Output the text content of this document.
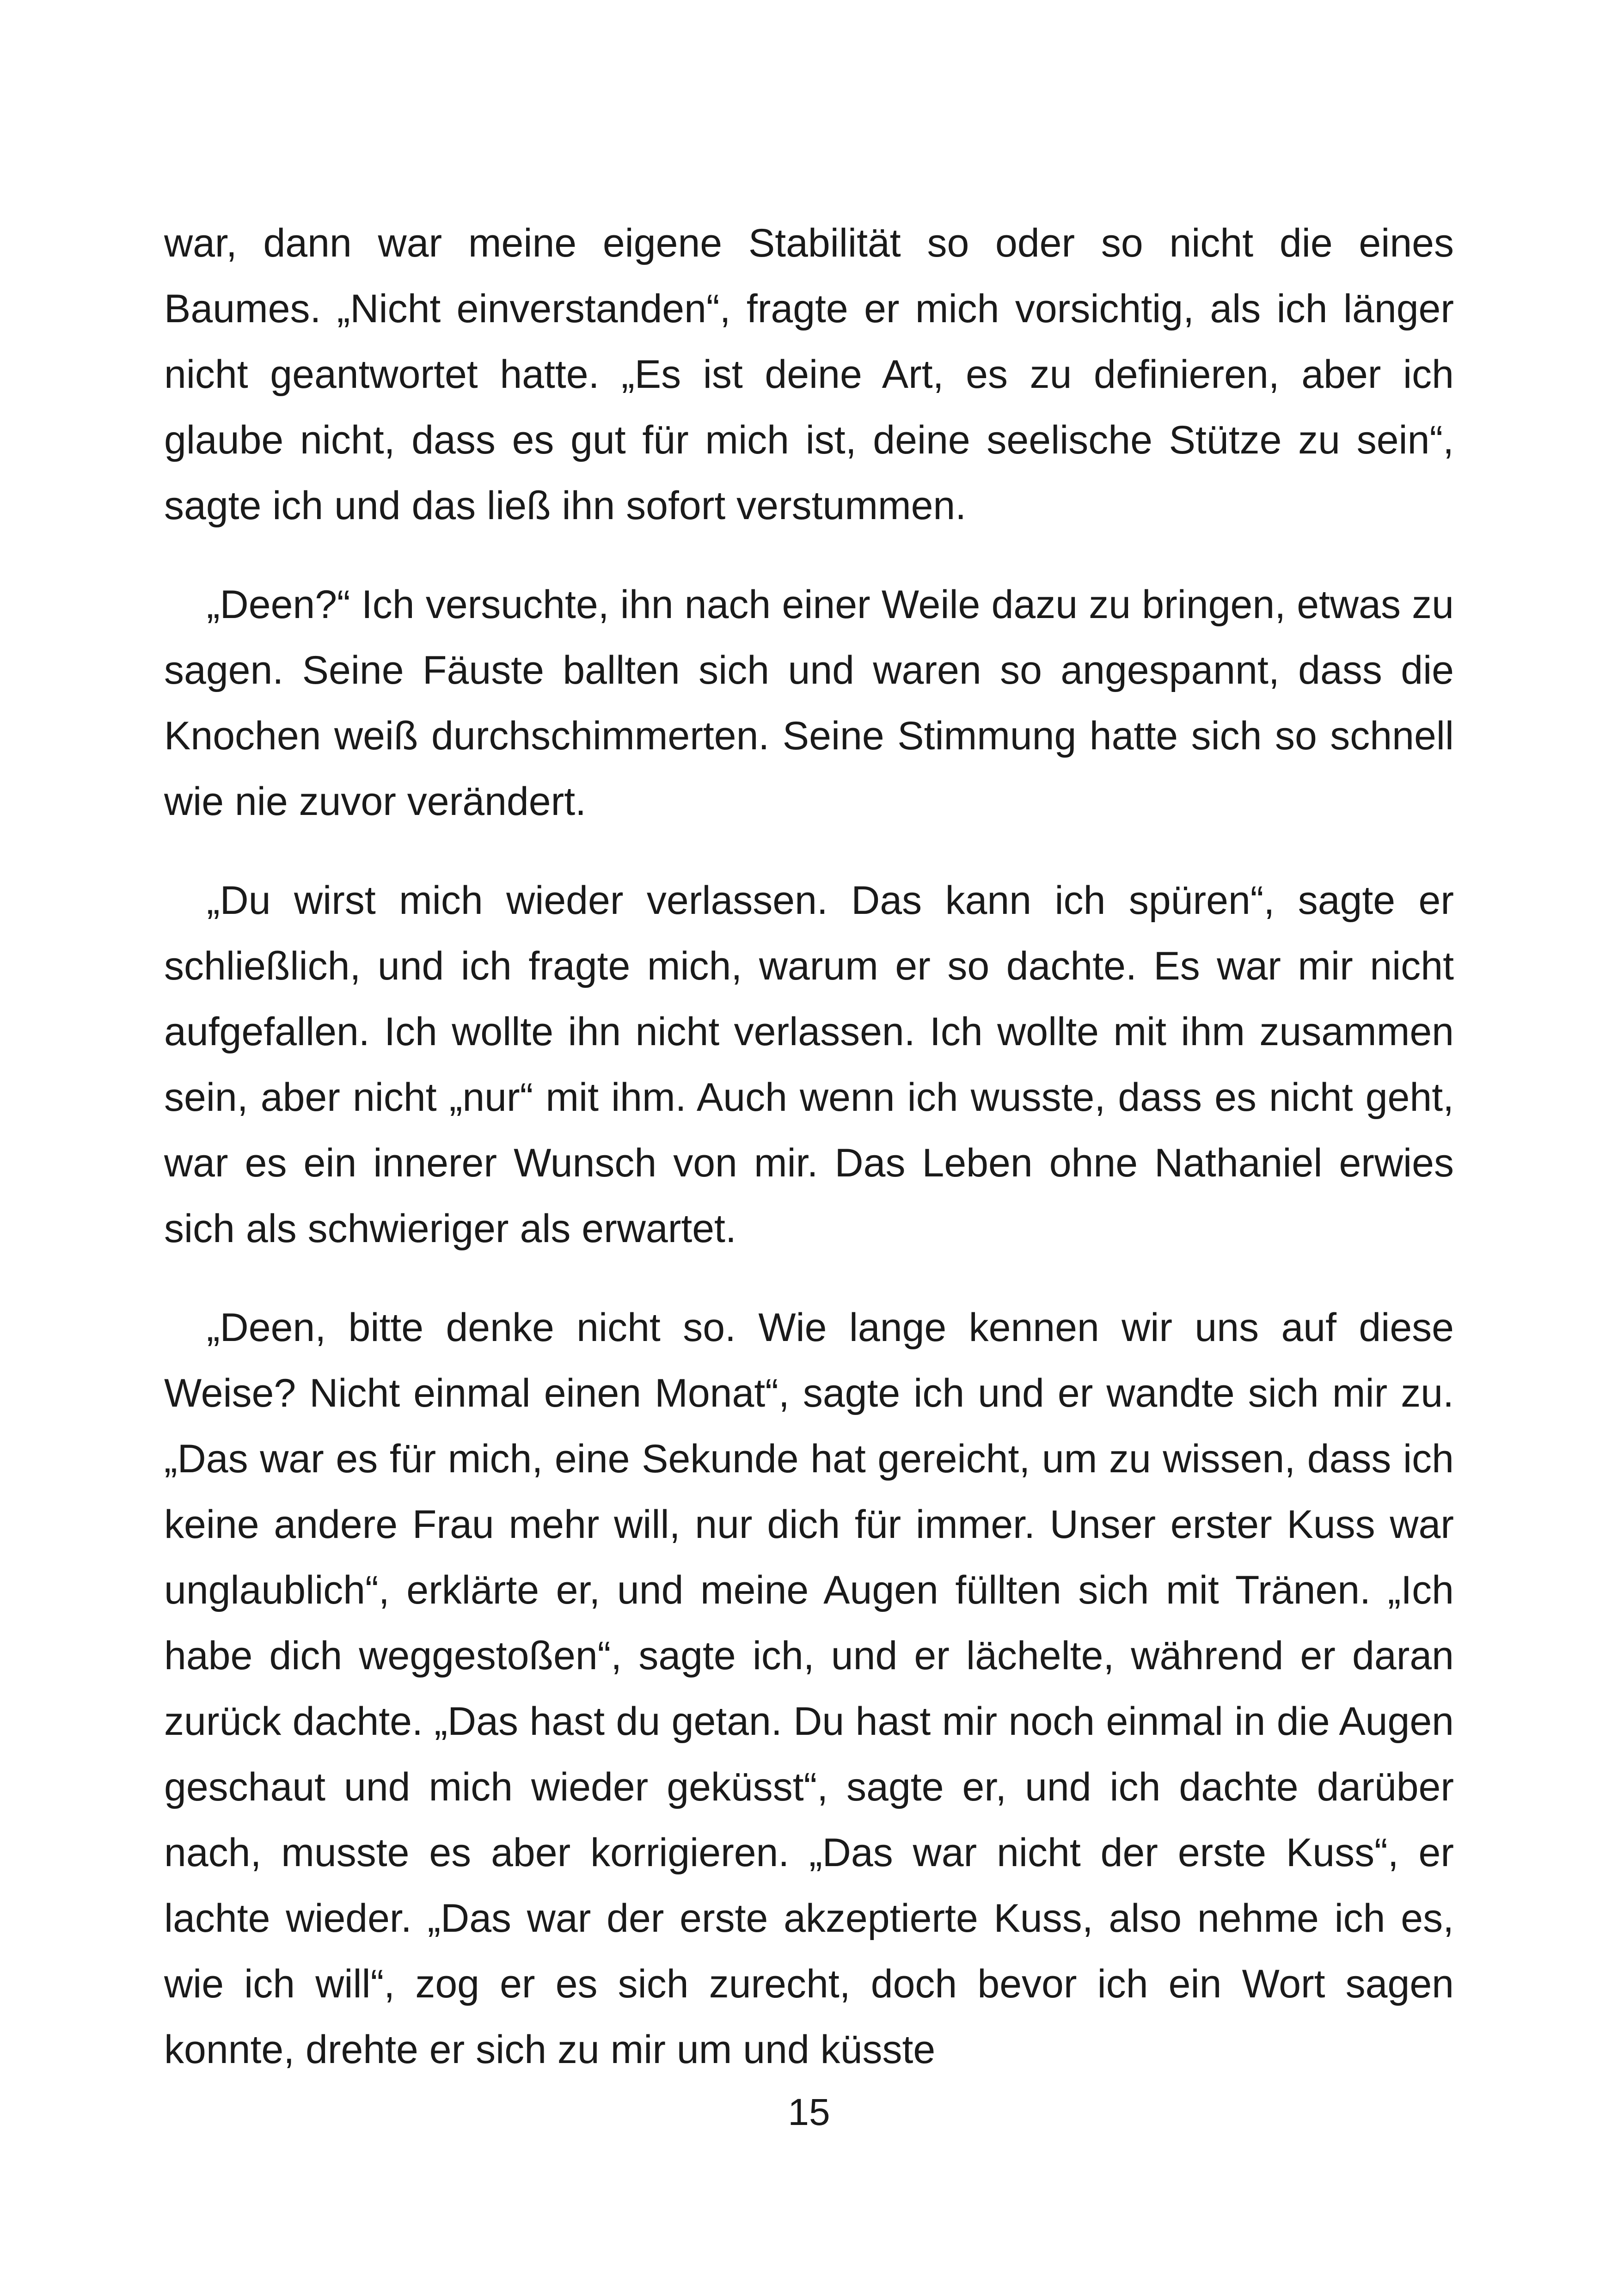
war, dann war meine eigene Stabilität so oder so nicht die eines Baumes. „Nicht einverstanden“, fragte er mich vorsichtig, als ich länger nicht geantwortet hatte. „Es ist deine Art, es zu definieren, aber ich glaube nicht, dass es gut für mich ist, deine seelische Stütze zu sein“, sagte ich und das ließ ihn sofort verstummen.

„Deen?“ Ich versuchte, ihn nach einer Weile dazu zu bringen, etwas zu sagen. Seine Fäuste ballten sich und waren so angespannt, dass die Knochen weiß durchschimmerten. Seine Stimmung hatte sich so schnell wie nie zuvor verändert.

„Du wirst mich wieder verlassen. Das kann ich spüren“, sagte er schließlich, und ich fragte mich, warum er so dachte. Es war mir nicht aufgefallen. Ich wollte ihn nicht verlassen. Ich wollte mit ihm zusammen sein, aber nicht „nur“ mit ihm. Auch wenn ich wusste, dass es nicht geht, war es ein innerer Wunsch von mir. Das Leben ohne Nathaniel erwies sich als schwieriger als erwartet.

„Deen, bitte denke nicht so. Wie lange kennen wir uns auf diese Weise? Nicht einmal einen Monat“, sagte ich und er wandte sich mir zu. „Das war es für mich, eine Sekunde hat gereicht, um zu wissen, dass ich keine andere Frau mehr will, nur dich für immer. Unser erster Kuss war unglaublich“, erklärte er, und meine Augen füllten sich mit Tränen. „Ich habe dich weggestoßen“, sagte ich, und er lächelte, während er daran zurück dachte. „Das hast du getan. Du hast mir noch einmal in die Augen geschaut und mich wieder geküsst“, sagte er, und ich dachte darüber nach, musste es aber korrigieren. „Das war nicht der erste Kuss“, er lachte wieder. „Das war der erste akzeptierte Kuss, also nehme ich es, wie ich will“, zog er es sich zurecht, doch bevor ich ein Wort sagen konnte, drehte er sich zu mir um und küsste

15
